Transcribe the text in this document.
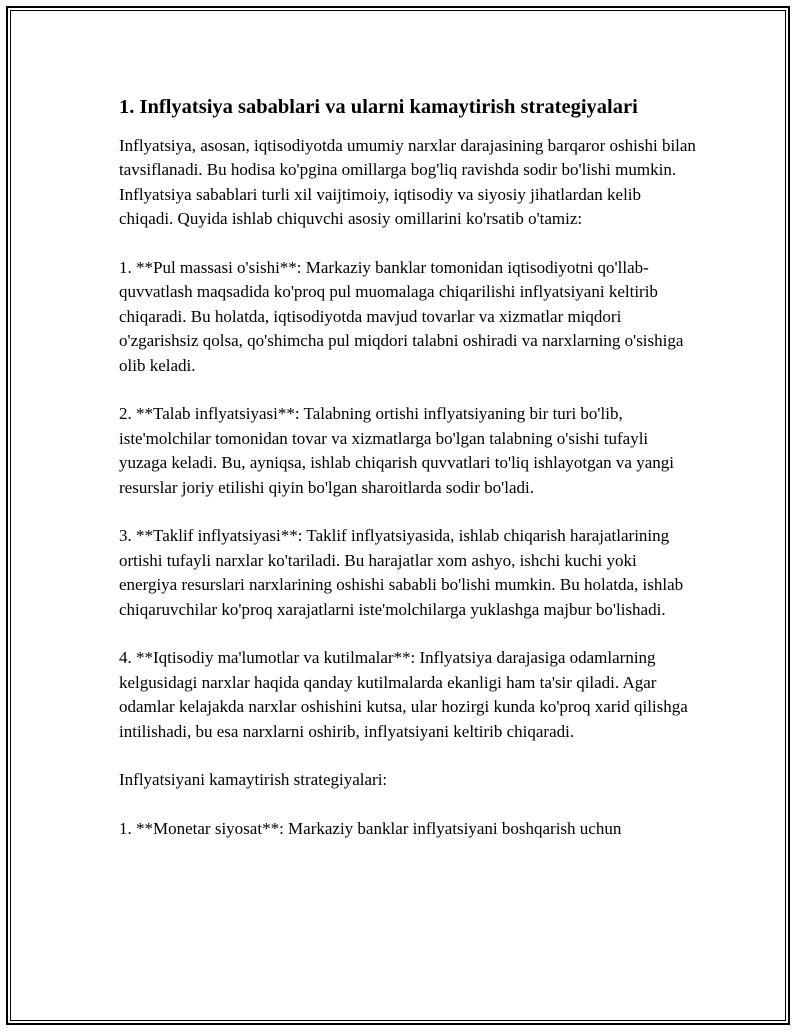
1. Inflyatsiya sabablari va ularni kamaytirish strategiyalari

Inflyatsiya, asosan, iqtisodiyotda umumiy narxlar darajasining barqaror oshishi bilan tavsiflanadi. Bu hodisa ko'pgina omillarga bog'liq ravishda sodir bo'lishi mumkin. Inflyatsiya sabablari turli xil vaijtimoiy, iqtisodiy va siyosiy jihatlardan kelib chiqadi. Quyida ishlab chiquvchi asosiy omillarini ko'rsatib o'tamiz:

1. **Pul massasi o'sishi**: Markaziy banklar tomonidan iqtisodiyotni qo'llab-quvvatlash maqsadida ko'proq pul muomalaga chiqarilishi inflyatsiyani keltirib chiqaradi. Bu holatda, iqtisodiyotda mavjud tovarlar va xizmatlar miqdori o'zgarishsiz qolsa, qo'shimcha pul miqdori talabni oshiradi va narxlarning o'sishiga olib keladi.

2. **Talab inflyatsiyasi**: Talabning ortishi inflyatsiyaning bir turi bo'lib, iste'molchilar tomonidan tovar va xizmatlarga bo'lgan talabning o'sishi tufayli yuzaga keladi. Bu, ayniqsa, ishlab chiqarish quvvatlari to'liq ishlayotgan va yangi resurslar joriy etilishi qiyin bo'lgan sharoitlarda sodir bo'ladi.

3. **Taklif inflyatsiyasi**: Taklif inflyatsiyasida, ishlab chiqarish harajatlarining ortishi tufayli narxlar ko'tariladi. Bu harajatlar xom ashyo, ishchi kuchi yoki energiya resurslari narxlarining oshishi sababli bo'lishi mumkin. Bu holatda, ishlab chiqaruvchilar ko'proq xarajatlarni iste'molchilarga yuklashga majbur bo'lishadi.

4. **Iqtisodiy ma'lumotlar va kutilmalar**: Inflyatsiya darajasiga odamlarning kelgusidagi narxlar haqida qanday kutilmalarda ekanligi ham ta'sir qiladi. Agar odamlar kelajakda narxlar oshishini kutsa, ular hozirgi kunda ko'proq xarid qilishga intilishadi, bu esa narxlarni oshirib, inflyatsiyani keltirib chiqaradi.

Inflyatsiyani kamaytirish strategiyalari:

1. **Monetar siyosat**: Markaziy banklar inflyatsiyani boshqarish uchun
